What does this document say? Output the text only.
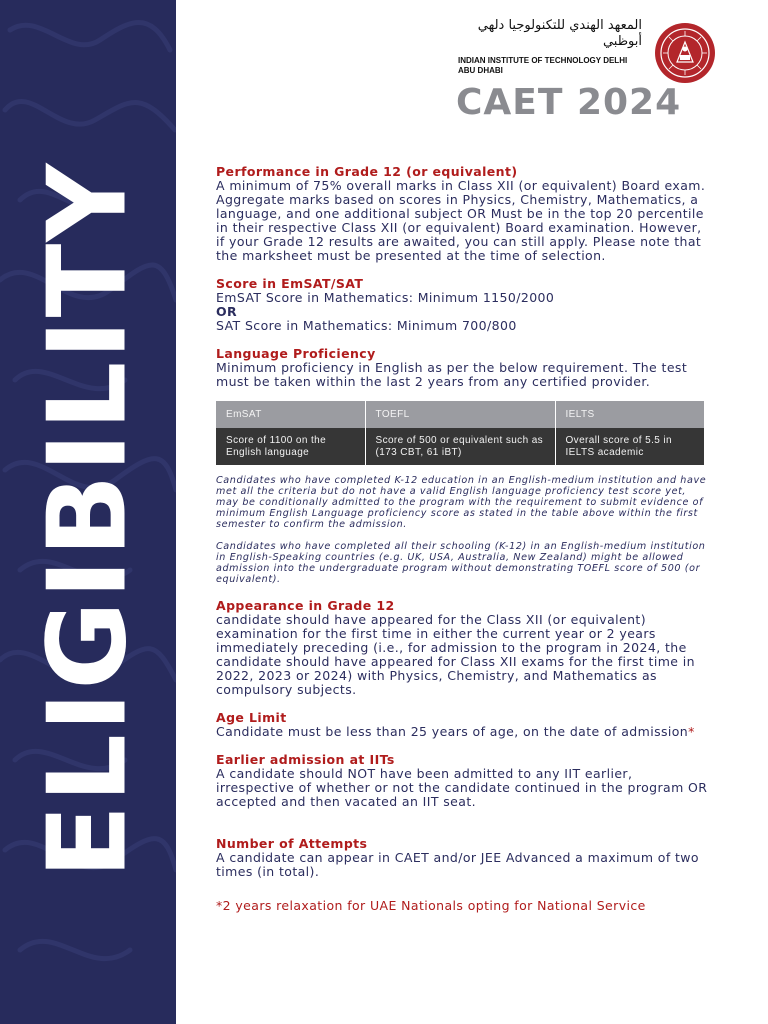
ELIGIBILITY
المعهد الهندي للتكنولوجيا دلهي
أبوظبي
INDIAN INSTITUTE OF TECHNOLOGY DELHI
ABU DHABI
CAET 2024
Performance in Grade 12 (or equivalent)
A minimum of 75% overall marks in Class XII (or equivalent) Board exam. Aggregate marks based on scores in Physics, Chemistry, Mathematics, a language, and one additional subject OR Must be in the top 20 percentile in their respective Class XII (or equivalent) Board examination. However, if your Grade 12 results are awaited, you can still apply. Please note that the marksheet must be presented at the time of selection.
Score in EmSAT/SAT
EmSAT Score in Mathematics: Minimum 1150/2000
OR
SAT Score in Mathematics: Minimum 700/800
Language Proficiency
Minimum proficiency in English as per the below requirement. The test must be taken within the last 2 years from any certified provider.
EmSAT	TOEFL	IELTS
Score of 1100 on the English language	Score of 500 or equivalent such as (173 CBT, 61 iBT)	Overall score of 5.5 in IELTS academic
Candidates who have completed K-12 education in an English-medium institution and have met all the criteria but do not have a valid English language proficiency test score yet, may be conditionally admitted to the program with the requirement to submit evidence of minimum English Language proficiency score as stated in the table above within the first semester to confirm the admission.
Candidates who have completed all their schooling (K-12) in an English-medium institution in English-Speaking countries (e.g. UK, USA, Australia, New Zealand) might be allowed admission into the undergraduate program without demonstrating TOEFL score of 500 (or equivalent).
Appearance in Grade 12
candidate should have appeared for the Class XII (or equivalent) examination for the first time in either the current year or 2 years immediately preceding (i.e., for admission to the program in 2024, the candidate should have appeared for Class XII exams for the first time in 2022, 2023 or 2024) with Physics, Chemistry, and Mathematics as compulsory subjects.
Age Limit
Candidate must be less than 25 years of age, on the date of admission*
Earlier admission at IITs
A candidate should NOT have been admitted to any IIT earlier, irrespective of whether or not the candidate continued in the program OR accepted and then vacated an IIT seat.
Number of Attempts
A candidate can appear in CAET and/or JEE Advanced a maximum of two times (in total).
*2 years relaxation for UAE Nationals opting for National Service
